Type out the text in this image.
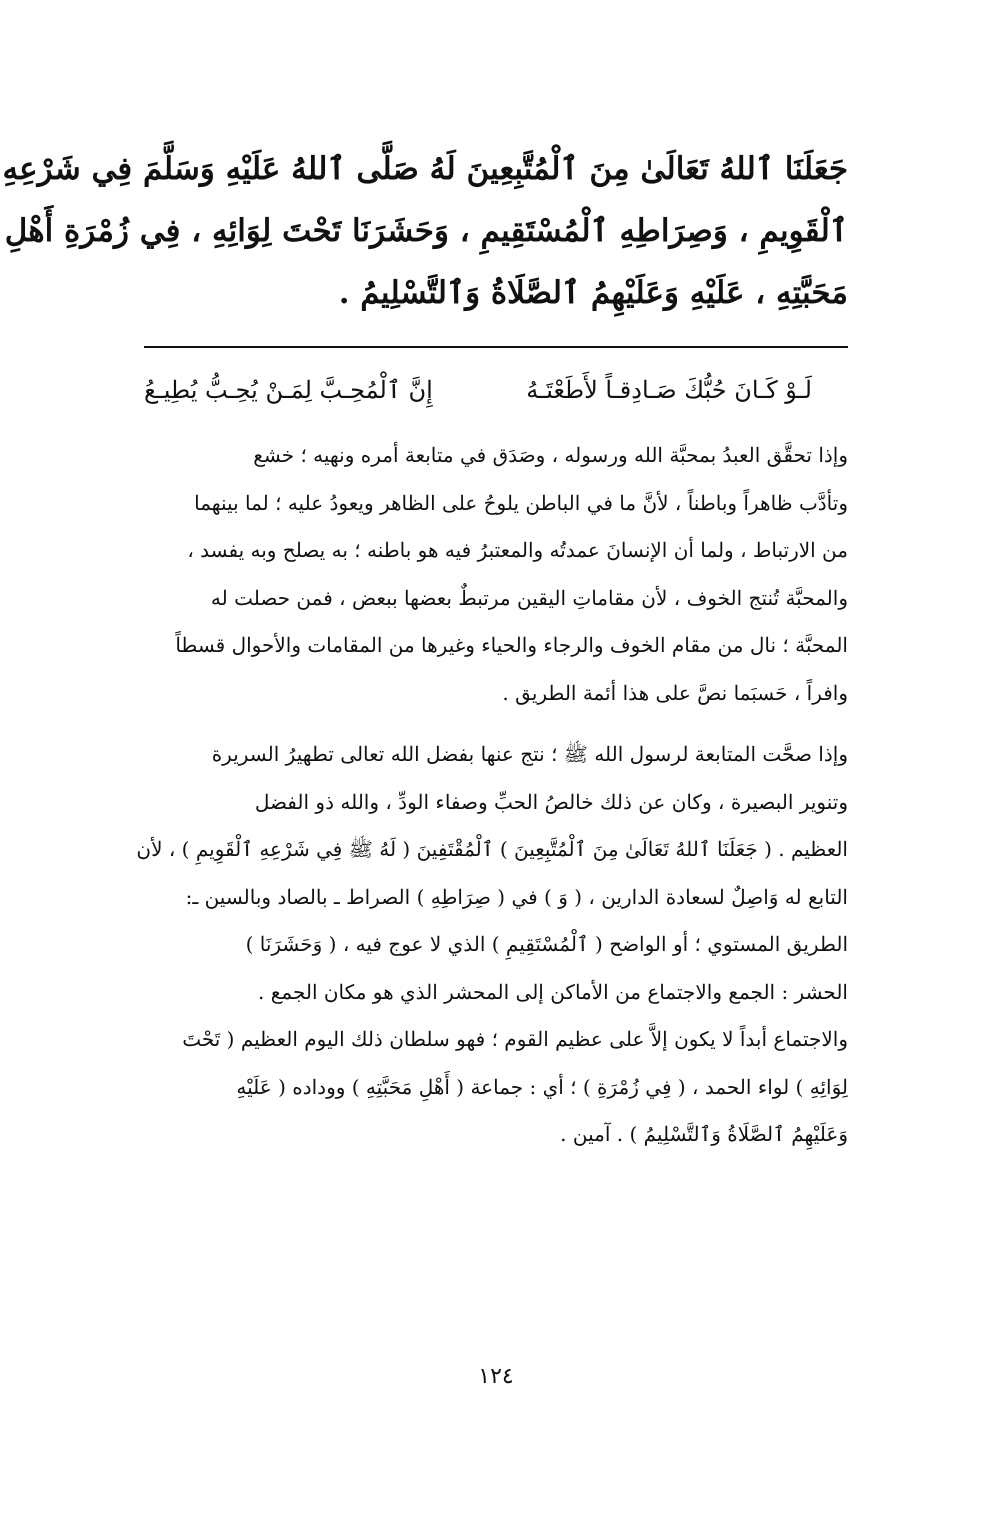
جَعَلَنَا ٱللهُ تَعَالَىٰ مِنَ ٱلْمُتَّبِعِينَ لَهُ صَلَّى ٱللهُ عَلَيْهِ وَسَلَّمَ فِي شَرْعِهِ
ٱلْقَوِيمِ ، وَصِرَاطِهِ ٱلْمُسْتَقِيمِ ، وَحَشَرَنَا تَحْتَ لِوَائِهِ ، فِي زُمْرَةِ أَهْلِ
مَحَبَّتِهِ ، عَلَيْهِ وَعَلَيْهِمُ ٱلصَّلَاةُ وَٱلتَّسْلِيمُ .
لَـوْ كَـانَ حُبُّكَ صَـادِقـاً لأَطَعْتَـهُ
إِنَّ ٱلْمُحِـبَّ لِمَـنْ يُحِـبُّ يُطِيـعُ
وإذا تحقَّق العبدُ بمحبَّة الله ورسوله ، وصَدَق في متابعة أمره ونهيه ؛ خشع
وتأدَّب ظاهراً وباطناً ، لأنَّ ما في الباطن يلوحُ على الظاهر ويعودُ عليه ؛ لما بينهما
من الارتباط ، ولما أن الإنسانَ عمدتُه والمعتبرُ فيه هو باطنه ؛ به يصلح وبه يفسد ،
والمحبَّة تُنتج الخوف ، لأن مقاماتِ اليقين مرتبطٌ بعضها ببعض ، فمن حصلت له
المحبَّة ؛ نال من مقام الخوف والرجاء والحياء وغيرها من المقامات والأحوال قسطاً
وافراً ، حَسبَما نصَّ على هذا أئمة الطريق .
وإذا صحَّت المتابعة لرسول الله ﷺ ؛ نتج عنها بفضل الله تعالى تطهيرُ السريرة
وتنوير البصيرة ، وكان عن ذلك خالصُ الحبِّ وصفاء الودِّ ، والله ذو الفضل
العظيم . ( جَعَلَنَا ٱللهُ تَعَالَىٰ مِنَ ٱلْمُتَّبِعِينَ ) ٱلْمُقْتَفِينَ ( لَهُ ﷺ فِي شَرْعِهِ ٱلْقَوِيمِ ) ، لأن
التابع له وَاصِلٌ لسعادة الدارين ، ( وَ ) في ( صِرَاطِهِ ) الصراط ـ بالصاد وبالسين ـ:
الطريق المستوي ؛ أو الواضح ( ٱلْمُسْتَقِيمِ ) الذي لا عوج فيه ، ( وَحَشَرَنَا )
الحشر : الجمع والاجتماع من الأماكن إلى المحشر الذي هو مكان الجمع .
والاجتماع أبداً لا يكون إلاَّ على عظيم القوم ؛ فهو سلطان ذلك اليوم العظيم ( تَحْتَ
لِوَائِهِ ) لواء الحمد ، ( فِي زُمْرَةِ ) ؛ أي : جماعة ( أَهْلِ مَحَبَّتِهِ ) ووداده ( عَلَيْهِ
وَعَلَيْهِمُ ٱلصَّلَاةُ وَٱلتَّسْلِيمُ ) . آمين .
١٢٤
